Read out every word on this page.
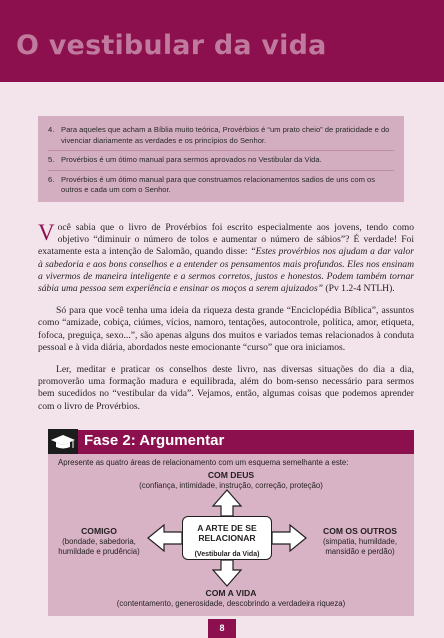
O vestibular da vida
4. Para aqueles que acham a Bíblia muito teórica, Provérbios é “um prato cheio” de praticidade e do vivenciar diariamente as verdades e os princípios do Senhor.
5. Provérbios é um ótimo manual para sermos aprovados no Vestibular da Vida.
6. Provérbios é um ótimo manual para que construamos relacionamentos sadios de uns com os outros e cada um com o Senhor.

Você sabia que o livro de Provérbios foi escrito especialmente aos jovens, tendo como objetivo “diminuir o número de tolos e aumentar o número de sábios”? É verdade! Foi exatamente esta a intenção de Salomão, quando disse: “Estes provérbios nos ajudam a dar valor à sabedoria e aos bons conselhos e a entender os pensamentos mais profundos. Eles nos ensinam a vivermos de maneira inteligente e a sermos corretos, justos e honestos. Podem também tornar sábia uma pessoa sem experiência e ensinar os moços a serem ajuizados” (Pv 1.2-4 NTLH).

Só para que você tenha uma ideia da riqueza desta grande “Enciclopédia Bíblica”, assuntos como “amizade, cobiça, ciúmes, vícios, namoro, tentações, autocontrole, política, amor, etiqueta, fofoca, preguiça, sexo...”, são apenas alguns dos muitos e variados temas relacionados à conduta pessoal e à vida diária, abordados neste emocionante “curso” que ora iniciamos.

Ler, meditar e praticar os conselhos deste livro, nas diversas situações do dia a dia, promoverão uma formação madura e equilibrada, além do bom-senso necessário para sermos bem sucedidos no “vestibular da vida”. Vejamos, então, algumas coisas que podemos aprender com o livro de Provérbios.

Fase 2: Argumentar
Apresente as quatro áreas de relacionamento com um esquema semelhante a este:
COM DEUS
(confiança, intimidade, instrução, correção, proteção)
COMIGO
(bondade, sabedoria,
humildade e prudência)
COM OS OUTROS
(simpatia, humildade,
mansidão e perdão)
A ARTE DE SE
RELACIONAR
(Vestibular da Vida)
COM A VIDA
(contentamento, generosidade, descobrindo a verdadeira riqueza)
8
